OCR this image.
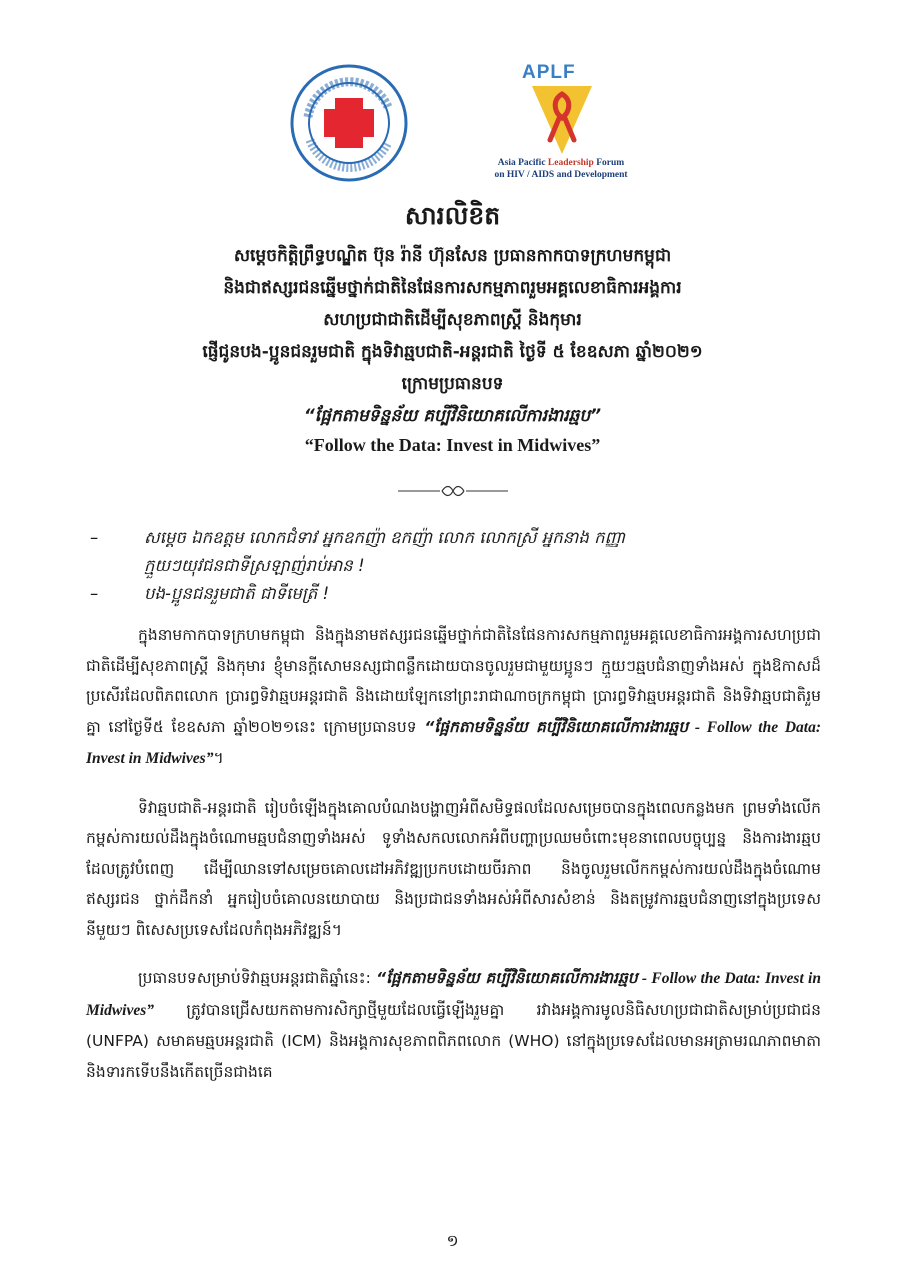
APLF
Asia Pacific Leadership Forum
on HIV / AIDS and Development
សារលិខិត

សម្តេចកិត្តិព្រឹទ្ធបណ្ឌិត ប៊ុន រ៉ានី ហ៊ុនសែន ប្រធានកាកបាទក្រហមកម្ពុជា

និងជាឥស្សរជនឆ្នើមថ្នាក់ជាតិនៃផែនការសកម្មភាពរួមអគ្គលេខាធិការអង្គការ

សហប្រជាជាតិដើម្បីសុខភាពស្ត្រី និងកុមារ

ផ្ញើជូនបង-ប្អូនជនរួមជាតិ ក្នុងទិវាឆ្មបជាតិ-អន្តរជាតិ ថ្ងៃទី ៥ ខែឧសភា ឆ្នាំ២០២១

ក្រោមប្រធានបទ

“ផ្អែកតាមទិន្នន័យ គប្បីវិនិយោគលើការងារឆ្មប”

“Follow the Data: Invest in Midwives”

–	សម្តេច ឯកឧត្តម លោកជំទាវ អ្នកឧកញ៉ា ឧកញ៉ា លោក លោកស្រី អ្នកនាង កញ្ញា
ក្មួយៗយុវជនជាទីស្រឡាញ់រាប់អាន !
–	បង-ប្អូនជនរួមជាតិ ជាទីមេត្រី !

ក្នុងនាមកាកបាទក្រហមកម្ពុជា និងក្នុងនាមឥស្សរជនឆ្នើមថ្នាក់ជាតិនៃផែនការសកម្មភាពរួមអគ្គលេខាធិការអង្គការសហប្រជាជាតិដើម្បីសុខភាពស្ត្រី និងកុមារ ខ្ញុំមានក្តីសោមនស្សជាពន្លឹកដោយបានចូលរួមជាមួយប្អូនៗ ក្មួយៗឆ្មបជំនាញទាំងអស់ ក្នុងឱកាសដ៏ប្រសើរដែលពិភពលោក ប្រារព្ធទិវាឆ្មបអន្តរជាតិ និងដោយឡែកនៅព្រះរាជាណាចក្រកម្ពុជា ប្រារព្ធទិវាឆ្មបអន្តរជាតិ និងទិវាឆ្មបជាតិរួមគ្នា នៅថ្ងៃទី៥ ខែឧសភា ឆ្នាំ២០២១នេះ ក្រោមប្រធានបទ “ផ្អែកតាមទិន្នន័យ គប្បីវិនិយោគលើការងារឆ្មប - Follow the Data: Invest in Midwives”។

ទិវាឆ្មបជាតិ-អន្តរជាតិ រៀបចំឡើងក្នុងគោលបំណងបង្ហាញអំពីសមិទ្ធផលដែលសម្រេចបានក្នុងពេលកន្លងមក ព្រមទាំងលើកកម្ពស់ការយល់ដឹងក្នុងចំណោមឆ្មបជំនាញទាំងអស់ ទូទាំងសកលលោកអំពីបញ្ហាប្រឈមចំពោះមុខនាពេលបច្ចុប្បន្ន និងការងារឆ្មបដែលត្រូវបំពេញ ដើម្បីឈានទៅសម្រេចគោលដៅអភិវឌ្ឍប្រកបដោយចីរភាព និងចូលរួមលើកកម្ពស់ការយល់ដឹងក្នុងចំណោមឥស្សរជន ថ្នាក់ដឹកនាំ អ្នករៀបចំគោលនយោបាយ និងប្រជាជនទាំងអស់អំពីសារសំខាន់ និងតម្រូវការឆ្មបជំនាញនៅក្នុងប្រទេសនីមួយៗ ពិសេសប្រទេសដែលកំពុងអភិវឌ្ឍន៍។

ប្រធានបទសម្រាប់ទិវាឆ្មបអន្តរជាតិឆ្នាំនេះ: “ផ្អែកតាមទិន្នន័យ គប្បីវិនិយោគលើការងារឆ្មប - Follow the Data: Invest in Midwives” ត្រូវបានជ្រើសយកតាមការសិក្សាថ្មីមួយដែលធ្វើឡើងរួមគ្នា រវាងអង្គការមូលនិធិសហប្រជាជាតិសម្រាប់ប្រជាជន (UNFPA) សមាគមឆ្មបអន្តរជាតិ (ICM) និងអង្គការសុខភាពពិភពលោក (WHO) នៅក្នុងប្រទេសដែលមានអត្រាមរណភាពមាតា និងទារកទើបនឹងកើតច្រើនជាងគេ

១
